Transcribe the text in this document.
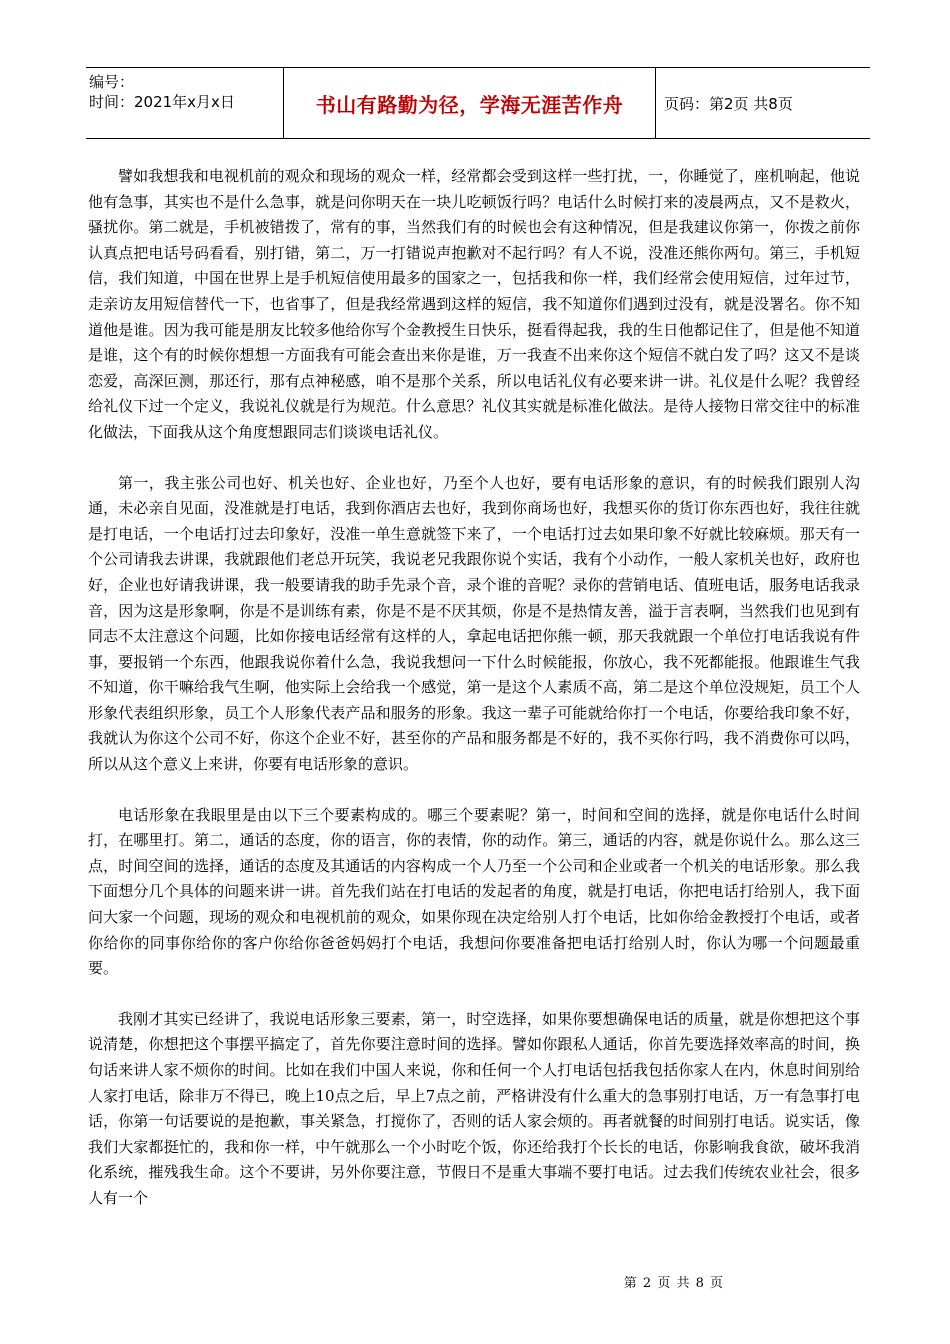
编号：
时间：2021年x月x日	书山有路勤为径，学海无涯苦作舟	页码：第2页 共8页

譬如我想我和电视机前的观众和现场的观众一样，经常都会受到这样一些打扰，一，你睡觉了，座机响起，他说他有急事，其实也不是什么急事，就是问你明天在一块儿吃顿饭行吗？电话什么时候打来的凌晨两点，又不是救火，骚扰你。第二就是，手机被错拨了，常有的事，当然我们有的时候也会有这种情况，但是我建议你第一，你拨之前你认真点把电话号码看看，别打错，第二，万一打错说声抱歉对不起行吗？有人不说，没准还熊你两句。第三，手机短信，我们知道，中国在世界上是手机短信使用最多的国家之一，包括我和你一样，我们经常会使用短信，过年过节，走亲访友用短信替代一下，也省事了，但是我经常遇到这样的短信，我不知道你们遇到过没有，就是没署名。你不知道他是谁。因为我可能是朋友比较多他给你写个金教授生日快乐，挺看得起我，我的生日他都记住了，但是他不知道是谁，这个有的时候你想想一方面我有可能会查出来你是谁，万一我查不出来你这个短信不就白发了吗？这又不是谈恋爱，高深叵测，那还行，那有点神秘感，咱不是那个关系，所以电话礼仪有必要来讲一讲。礼仪是什么呢？我曾经给礼仪下过一个定义，我说礼仪就是行为规范。什么意思？礼仪其实就是标准化做法。是待人接物日常交往中的标准化做法，下面我从这个角度想跟同志们谈谈电话礼仪。

第一，我主张公司也好、机关也好、企业也好，乃至个人也好，要有电话形象的意识，有的时候我们跟别人沟通，未必亲自见面，没准就是打电话，我到你酒店去也好，我到你商场也好，我想买你的货订你东西也好，我往往就是打电话，一个电话打过去印象好，没准一单生意就签下来了，一个电话打过去如果印象不好就比较麻烦。那天有一个公司请我去讲课，我就跟他们老总开玩笑，我说老兄我跟你说个实话，我有个小动作，一般人家机关也好，政府也好，企业也好请我讲课，我一般要请我的助手先录个音，录个谁的音呢？录你的营销电话、值班电话，服务电话我录音，因为这是形象啊，你是不是训练有素，你是不是不厌其烦，你是不是热情友善，溢于言表啊，当然我们也见到有同志不太注意这个问题，比如你接电话经常有这样的人，拿起电话把你熊一顿，那天我就跟一个单位打电话我说有件事，要报销一个东西，他跟我说你着什么急，我说我想问一下什么时候能报，你放心，我不死都能报。他跟谁生气我不知道，你干嘛给我气生啊，他实际上会给我一个感觉，第一是这个人素质不高，第二是这个单位没规矩，员工个人形象代表组织形象，员工个人形象代表产品和服务的形象。我这一辈子可能就给你打一个电话，你要给我印象不好，我就认为你这个公司不好，你这个企业不好，甚至你的产品和服务都是不好的，我不买你行吗，我不消费你可以吗，所以从这个意义上来讲，你要有电话形象的意识。

电话形象在我眼里是由以下三个要素构成的。哪三个要素呢？第一，时间和空间的选择，就是你电话什么时间打，在哪里打。第二，通话的态度，你的语言，你的表情，你的动作。第三，通话的内容，就是你说什么。那么这三点，时间空间的选择，通话的态度及其通话的内容构成一个人乃至一个公司和企业或者一个机关的电话形象。那么我下面想分几个具体的问题来讲一讲。首先我们站在打电话的发起者的角度，就是打电话，你把电话打给别人，我下面问大家一个问题，现场的观众和电视机前的观众，如果你现在决定给别人打个电话，比如你给金教授打个电话，或者你给你的同事你给你的客户你给你爸爸妈妈打个电话，我想问你要准备把电话打给别人时，你认为哪一个问题最重要。

我刚才其实已经讲了，我说电话形象三要素，第一，时空选择，如果你要想确保电话的质量，就是你想把这个事说清楚，你想把这个事摆平搞定了，首先你要注意时间的选择。譬如你跟私人通话，你首先要选择效率高的时间，换句话来讲人家不烦你的时间。比如在我们中国人来说，你和任何一个人打电话包括我包括你家人在内，休息时间别给人家打电话，除非万不得已，晚上10点之后，早上7点之前，严格讲没有什么重大的急事别打电话，万一有急事打电话，你第一句话要说的是抱歉，事关紧急，打搅你了，否则的话人家会烦的。再者就餐的时间别打电话。说实话，像我们大家都挺忙的，我和你一样，中午就那么一个小时吃个饭，你还给我打个长长的电话，你影响我食欲，破坏我消化系统，摧残我生命。这个不要讲，另外你要注意，节假日不是重大事端不要打电话。过去我们传统农业社会，很多人有一个

第 2 页 共 8 页
